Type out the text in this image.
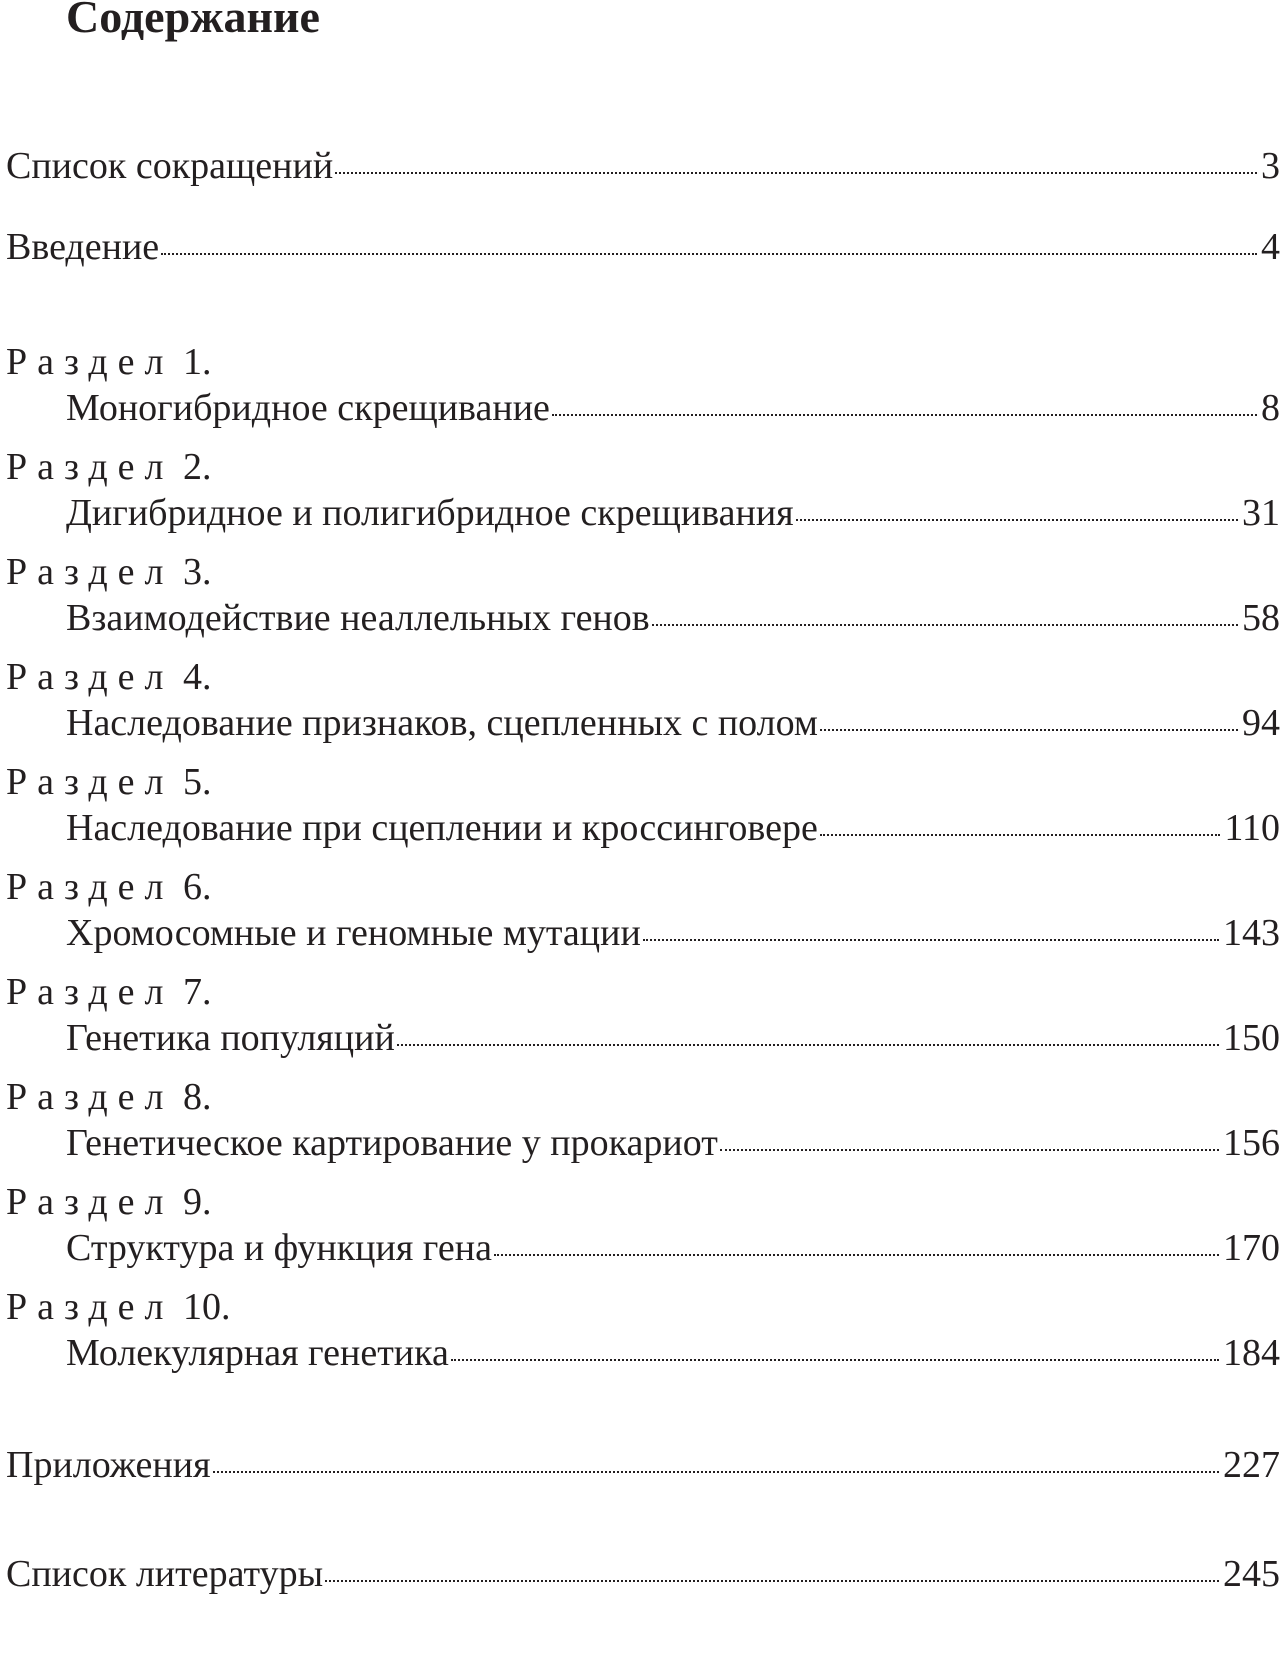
Содержание
Список сокращений	3
Введение	4
Раздел 1.
Моногибридное скрещивание	8
Раздел 2.
Дигибридное и полигибридное скрещивания	31
Раздел 3.
Взаимодействие неаллельных генов	58
Раздел 4.
Наследование признаков, сцепленных с полом	94
Раздел 5.
Наследование при сцеплении и кроссинговере	110
Раздел 6.
Хромосомные и геномные мутации	143
Раздел 7.
Генетика популяций	150
Раздел 8.
Генетическое картирование у прокариот	156
Раздел 9.
Структура и функция гена	170
Раздел 10.
Молекулярная генетика	184
Приложения	227
Список литературы	245
